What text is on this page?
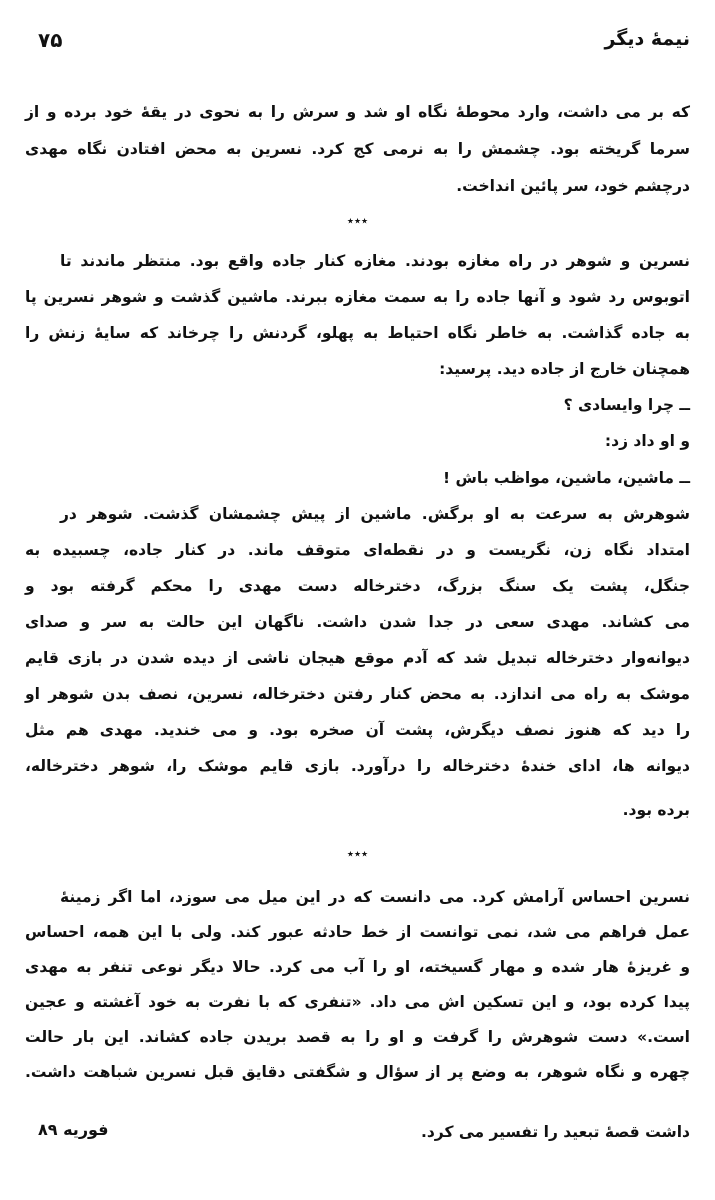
نیمهٔ دیگر
۷۵
که بر می داشت، وارد محوطهٔ نگاه او شد و سرش را به نحوی در یقهٔ خود برده و از
سرما گریخته بود. چشمش را به نرمی کج کرد. نسرین به محض افتادن نگاه مهدی
درچشم خود، سر پائین انداخت.
٭٭٭
نسرین و شوهر در راه مغازه بودند. مغازه کنار جاده واقع بود. منتظر ماندند تا
اتوبوس رد شود و آنها جاده را به سمت مغازه ببرند. ماشین گذشت و شوهر نسرین پا
به جاده گذاشت. به خاطر نگاه احتیاط به پهلو، گردنش را چرخاند که سایهٔ زنش را
همچنان خارج از جاده دید. پرسید:
ــ چرا وایسادی ؟
و او داد زد:
ــ ماشین، ماشین، مواظب باش !
شوهرش به سرعت به او برگش. ماشین از پیش چشمشان گذشت. شوهر در
امتداد نگاه زن، نگریست و در نقطه‌ای متوقف ماند. در کنار جاده، چسبیده به
جنگل، پشت یک سنگ بزرگ، دخترخاله دست مهدی را محکم گرفته بود و
می کشاند. مهدی سعی در جدا شدن داشت. ناگهان این حالت به سر و صدای
دیوانه‌وار دخترخاله تبدیل شد که آدم موقع هیجان ناشی از دیده شدن در بازی قایم
موشک به راه می اندازد. به محض کنار رفتن دخترخاله، نسرین، نصف بدن شوهر او
را دید که هنوز نصف دیگرش، پشت آن صخره بود. و می خندید. مهدی هم مثل
دیوانه ها، ادای خندهٔ دخترخاله را درآورد. بازی قایم موشک را، شوهر دخترخاله،
برده بود.
٭٭٭
نسرین احساس آرامش کرد. می دانست که در این میل می سوزد، اما اگر زمینهٔ
عمل فراهم می شد، نمی توانست از خط حادثه عبور کند. ولی با این همه، احساس
و غریزهٔ هار شده و مهار گسیخته، او را آب می کرد. حالا دیگر نوعی تنفر به مهدی
پیدا کرده بود، و این تسکین اش می داد. «تنفری که با نفرت به خود آغشته و عجین
است.» دست شوهرش را گرفت و او را به قصد بریدن جاده کشاند. این بار حالت
چهره و نگاه شوهر، به وضع پر از سؤال و شگفتی دقایق قبل نسرین شباهت داشت.
داشت قصهٔ تبعید را تفسیر می کرد.
فوریه ۸۹
